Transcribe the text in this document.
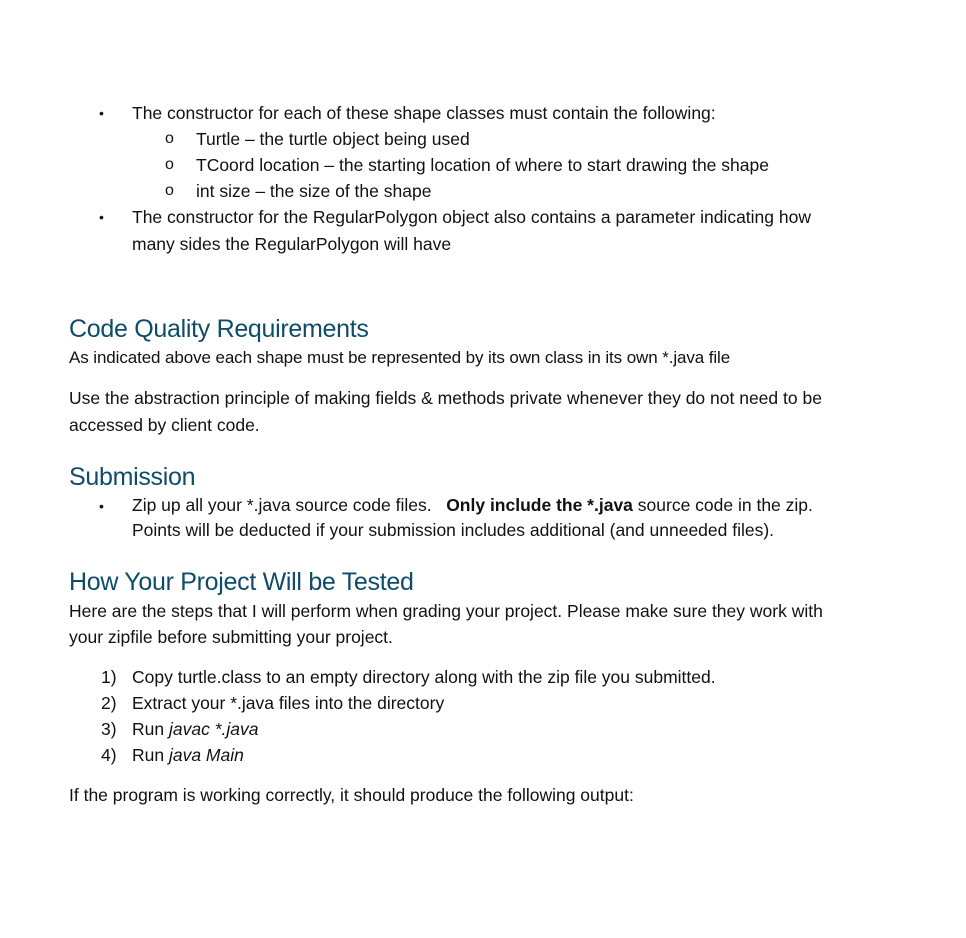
• The constructor for each of these shape classes must contain the following:
o Turtle – the turtle object being used
o TCoord location – the starting location of where to start drawing the shape
o int size – the size of the shape
• The constructor for the RegularPolygon object also contains a parameter indicating how
many sides the RegularPolygon will have
Code Quality Requirements

As indicated above each shape must be represented by its own class in its own *.java file

Use the abstraction principle of making fields & methods private whenever they do not need to be
accessed by client code.

Submission
• Zip up all your *.java source code files.   Only include the *.java source code in the zip.
Points will be deducted if your submission includes additional (and unneeded files).
How Your Project Will be Tested

Here are the steps that I will perform when grading your project. Please make sure they work with
your zipfile before submitting your project.

1) Copy turtle.class to an empty directory along with the zip file you submitted.
2) Extract your *.java files into the directory
3) Run javac *.java
4) Run java Main

If the program is working correctly, it should produce the following output:
